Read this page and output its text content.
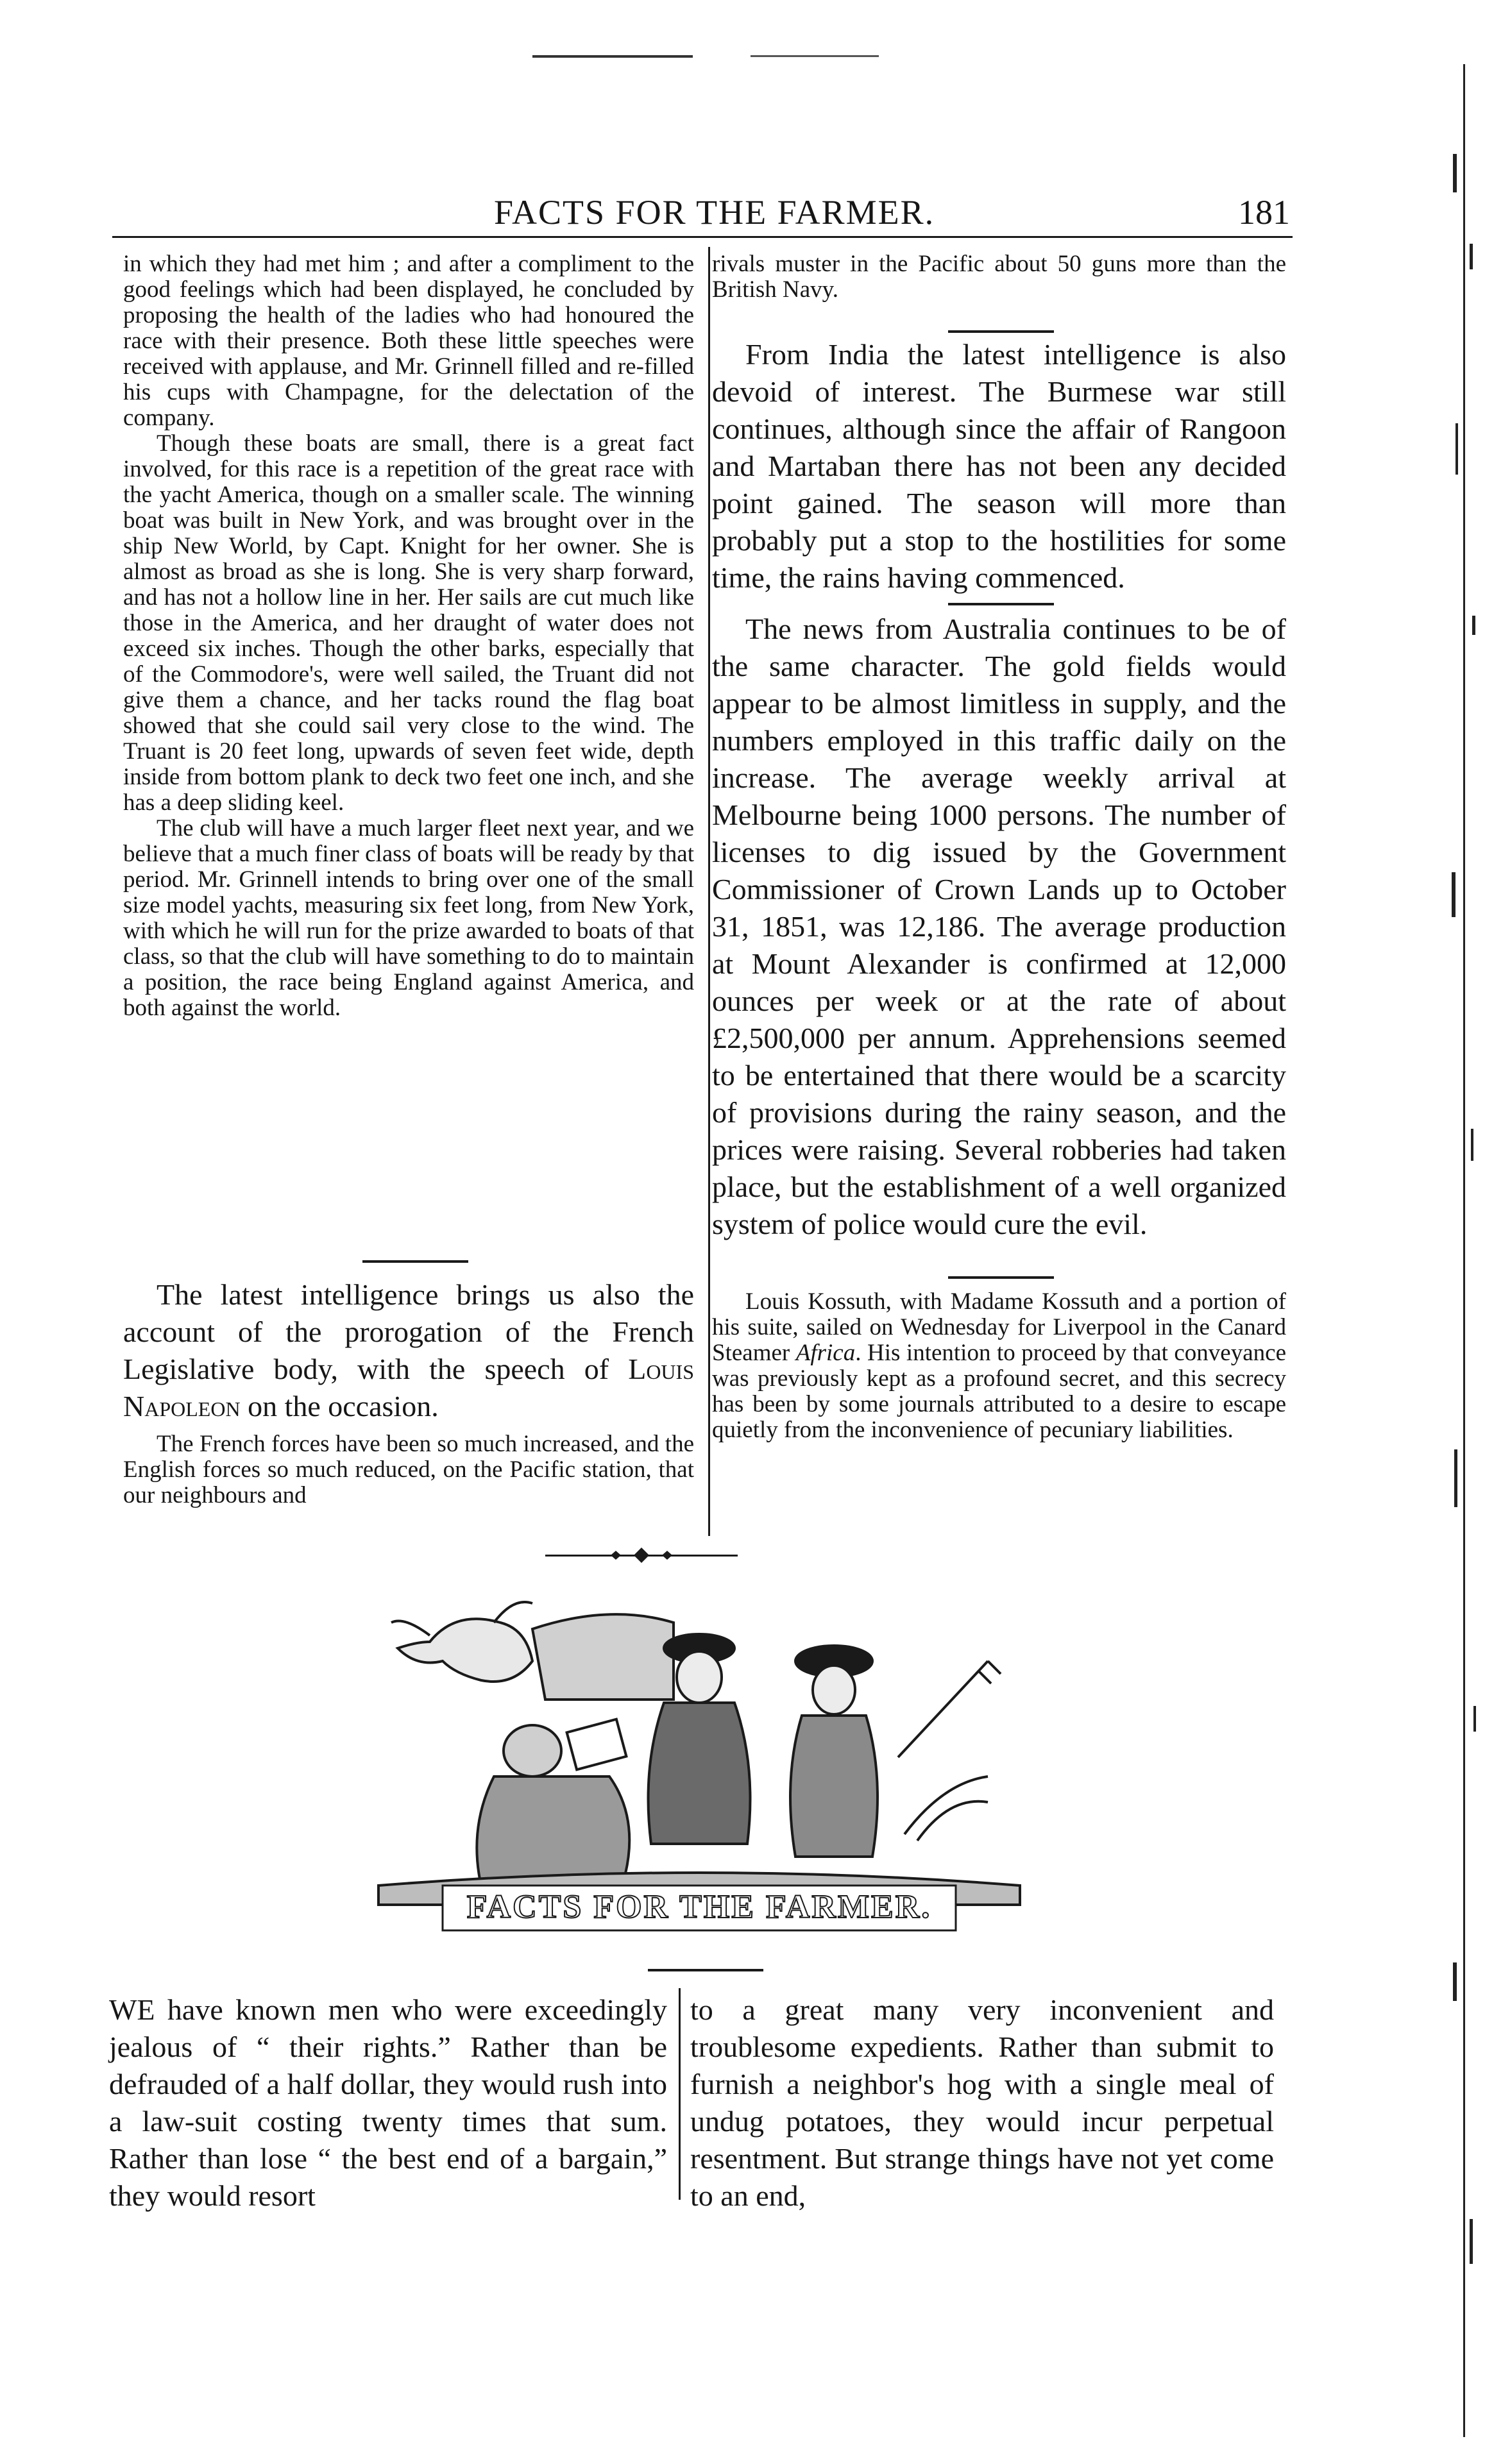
FACTS FOR THE FARMER.	181

in which they had met him ; and after a compliment to the good feelings which had been displayed, he concluded by proposing the health of the ladies who had honoured the race with their presence. Both these little speeches were received with applause, and Mr. Grinnell filled and re-filled his cups with Champagne, for the delectation of the company.

Though these boats are small, there is a great fact involved, for this race is a repetition of the great race with the yacht America, though on a smaller scale. The winning boat was built in New York, and was brought over in the ship New World, by Capt. Knight for her owner. She is almost as broad as she is long. She is very sharp forward, and has not a hollow line in her. Her sails are cut much like those in the America, and her draught of water does not exceed six inches. Though the other barks, especially that of the Commodore's, were well sailed, the Truant did not give them a chance, and her tacks round the flag boat showed that she could sail very close to the wind. The Truant is 20 feet long, upwards of seven feet wide, depth inside from bottom plank to deck two feet one inch, and she has a deep sliding keel.

The club will have a much larger fleet next year, and we believe that a much finer class of boats will be ready by that period. Mr. Grinnell intends to bring over one of the small size model yachts, measuring six feet long, from New York, with which he will run for the prize awarded to boats of that class, so that the club will have something to do to maintain a position, the race being England against America, and both against the world.

The latest intelligence brings us also the account of the prorogation of the French Legislative body, with the speech of Louis Napoleon on the occasion.

The French forces have been so much increased, and the English forces so much reduced, on the Pacific station, that our neighbours and

rivals muster in the Pacific about 50 guns more than the British Navy.

From India the latest intelligence is also devoid of interest. The Burmese war still continues, although since the affair of Rangoon and Martaban there has not been any decided point gained. The season will more than probably put a stop to the hostilities for some time, the rains having commenced.

The news from Australia continues to be of the same character. The gold fields would appear to be almost limitless in supply, and the numbers employed in this traffic daily on the increase. The average weekly arrival at Melbourne being 1000 persons. The number of licenses to dig issued by the Government Commissioner of Crown Lands up to October 31, 1851, was 12,186. The average production at Mount Alexander is confirmed at 12,000 ounces per week or at the rate of about £2,500,000 per annum. Apprehensions seemed to be entertained that there would be a scarcity of provisions during the rainy season, and the prices were raising. Several robberies had taken place, but the establishment of a well organized system of police would cure the evil.

Louis Kossuth, with Madame Kossuth and a portion of his suite, sailed on Wednesday for Liverpool in the Canard Steamer Africa. His intention to proceed by that conveyance was previously kept as a profound secret, and this secrecy has been by some journals attributed to a desire to escape quietly from the inconvenience of pecuniary liabilities.

FACTS FOR THE FARMER.

WE have known men who were exceedingly jealous of “ their rights.” Rather than be defrauded of a half dollar, they would rush into a law-suit costing twenty times that sum. Rather than lose “ the best end of a bargain,” they would resort

to a great many very inconvenient and troublesome expedients. Rather than submit to furnish a neighbor's hog with a single meal of undug potatoes, they would incur perpetual resentment. But strange things have not yet come to an end,
